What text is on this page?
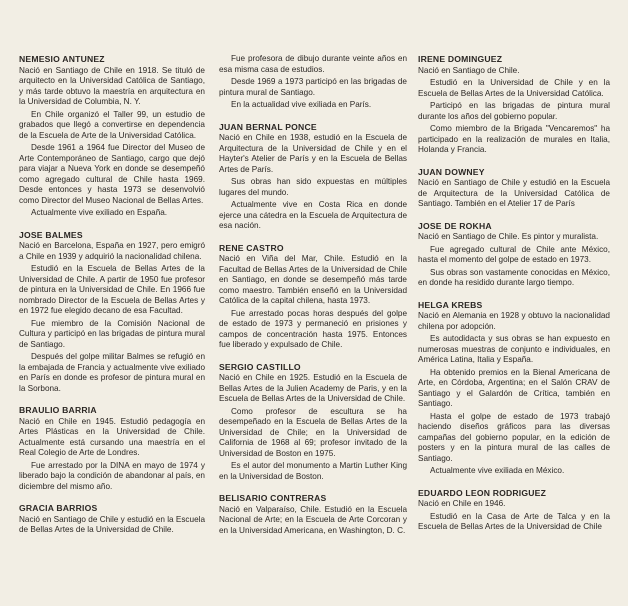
NEMESIO ANTUNEZ
Nació en Santiago de Chile en 1918. Se tituló de arquitecto en la Universidad Católica de Santiago, y más tarde obtuvo la maestría en arquitectura en la Universidad de Columbia, N. Y.
En Chile organizó el Taller 99, un estudio de grabados que llegó a convertirse en dependencia de la Escuela de Arte de la Universidad Católica.
Desde 1961 a 1964 fue Director del Museo de Arte Contemporáneo de Santiago, cargo que dejó para viajar a Nueva York en donde se desempeñó como agregado cultural de Chile hasta 1969. Desde entonces y hasta 1973 se desenvolvió como Director del Museo Nacional de Bellas Artes.
Actualmente vive exiliado en España.
JOSE BALMES
Nació en Barcelona, España en 1927, pero emigró a Chile en 1939 y adquirió la nacionalidad chilena.
Estudió en la Escuela de Bellas Artes de la Universidad de Chile. A partir de 1950 fue profesor de pintura en la Universidad de Chile. En 1966 fue nombrado Director de la Escuela de Bellas Artes y en 1972 fue elegido decano de esa Facultad.
Fue miembro de la Comisión Nacional de Cultura y participó en las brigadas de pintura mural de Santiago.
Después del golpe militar Balmes se refugió en la embajada de Francia y actualmente vive exiliado en París en donde es profesor de pintura mural en la Sorbona.
BRAULIO BARRIA
Nació en Chile en 1945. Estudió pedagogía en Artes Plásticas en la Universidad de Chile. Actualmente está cursando una maestría en el Real Colegio de Arte de Londres.
Fue arrestado por la DINA en mayo de 1974 y liberado bajo la condición de abandonar al país, en diciembre del mismo año.
GRACIA BARRIOS
Nació en Santiago de Chile y estudió en la Escuela de Bellas Artes de la Universidad de Chile.
Fue profesora de dibujo durante veinte años en esa misma casa de estudios.
Desde 1969 a 1973 participó en las brigadas de pintura mural de Santiago.
En la actualidad vive exiliada en París.
JUAN BERNAL PONCE
Nació en Chile en 1938, estudió en la Escuela de Arquitectura de la Universidad de Chile y en el Hayter's Atelier de París y en la Escuela de Bellas Artes de París.
Sus obras han sido expuestas en múltiples lugares del mundo.
Actualmente vive en Costa Rica en donde ejerce una cátedra en la Escuela de Arquitectura de esa nación.
RENE CASTRO
Nació en Viña del Mar, Chile. Estudió en la Facultad de Bellas Artes de la Universidad de Chile en Santiago, en donde se desempeñó más tarde como maestro. También enseñó en la Universidad Católica de la capital chilena, hasta 1973.
Fue arrestado pocas horas después del golpe de estado de 1973 y permaneció en prisiones y campos de concentración hasta 1975. Entonces fue liberado y expulsado de Chile.
SERGIO CASTILLO
Nació en Chile en 1925. Estudió en la Escuela de Bellas Artes de la Julien Academy de Paris, y en la Escuela de Bellas Artes de la Universidad de Chile.
Como profesor de escultura se ha desempeñado en la Escuela de Bellas Artes de la Universidad de Chile; en la Universidad de California de 1968 al 69; profesor invitado de la Universidad de Boston en 1975.
Es el autor del monumento a Martin Luther King en la Universidad de Boston.
BELISARIO CONTRERAS
Nació en Valparaíso, Chile. Estudió en la Escuela Nacional de Arte; en la Escuela de Arte Corcoran y en la Universidad Americana, en Washington, D. C.
IRENE DOMINGUEZ
Nació en Santiago de Chile.
Estudió en la Universidad de Chile y en la Escuela de Bellas Artes de la Universidad Católica.
Participó en las brigadas de pintura mural durante los años del gobierno popular.
Como miembro de la Brigada "Vencaremos" ha participado en la realización de murales en Italia, Holanda y Francia.
JUAN DOWNEY
Nació en Santiago de Chile y estudió en la Escuela de Arquitectura de la Universidad Católica de Santiago. También en el Atelier 17 de París
JOSE DE ROKHA
Nació en Santiago de Chile. Es pintor y muralista.
Fue agregado cultural de Chile ante México, hasta el momento del golpe de estado en 1973.
Sus obras son vastamente conocidas en México, en donde ha residido durante largo tiempo.
HELGA KREBS
Nació en Alemania en 1928 y obtuvo la nacionalidad chilena por adopción.
Es autodidacta y sus obras se han expuesto en numerosas muestras de conjunto e individuales, en América Latina, Italia y España.
Ha obtenido premios en la Bienal Americana de Arte, en Córdoba, Argentina; en el Salón CRAV de Santiago y el Galardón de Crítica, también en Santiago.
Hasta el golpe de estado de 1973 trabajó haciendo diseños gráficos para las diversas campañas del gobierno popular, en la edición de posters y en la pintura mural de las calles de Santiago.
Actualmente vive exiliada en México.
EDUARDO LEON RODRIGUEZ
Nació en Chile en 1946.
Estudió en la Casa de Arte de Talca y en la Escuela de Bellas Artes de la Universidad de Chile
